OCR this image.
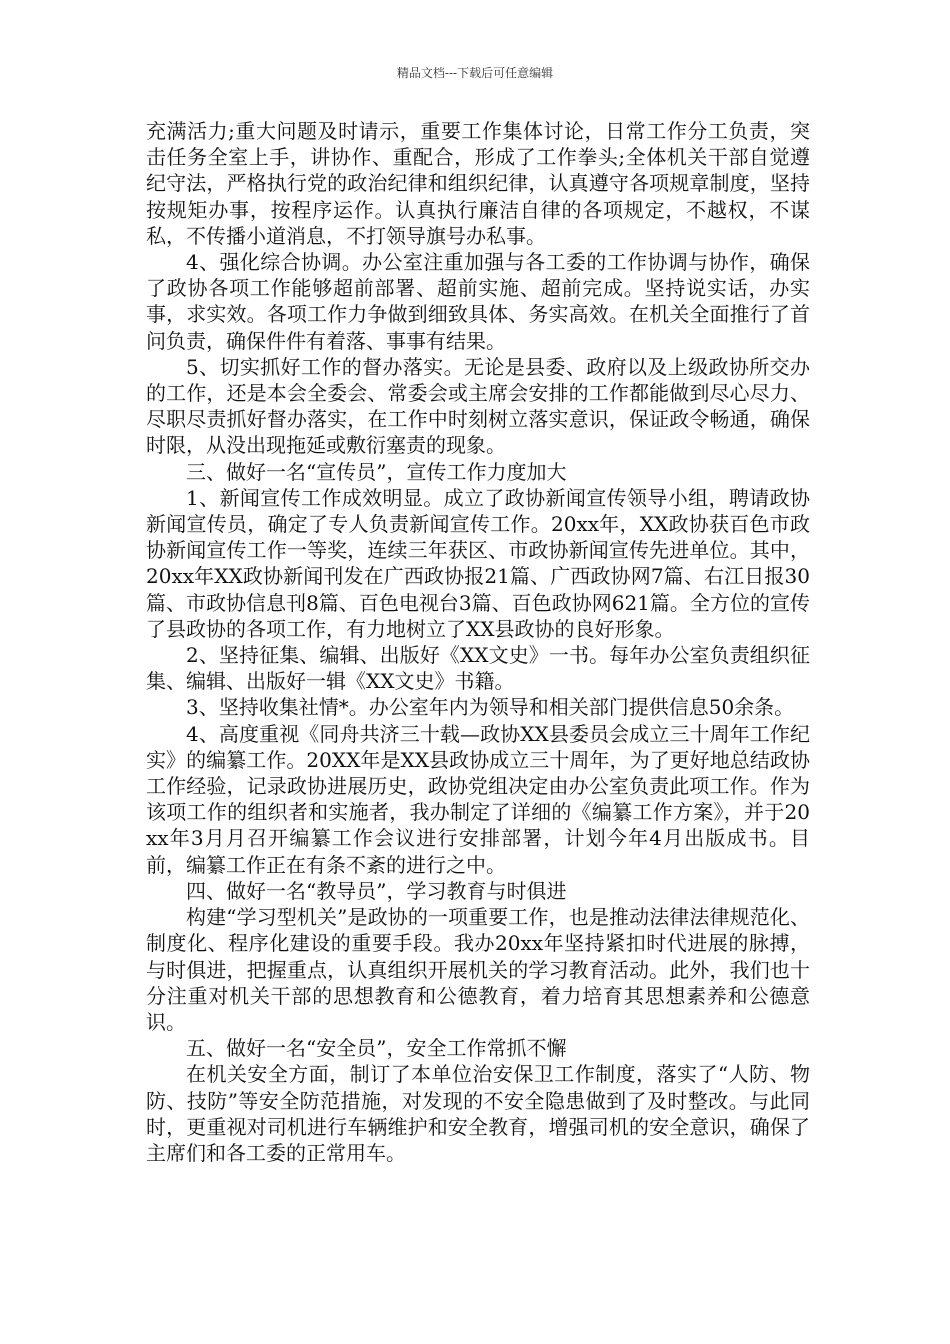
精品文档---下载后可任意编辑

充满活力;重大问题及时请示，重要工作集体讨论，日常工作分工负责，突击任务全室上手，讲协作、重配合，形成了工作拳头;全体机关干部自觉遵纪守法，严格执行党的政治纪律和组织纪律，认真遵守各项规章制度，坚持按规矩办事，按程序运作。认真执行廉洁自律的各项规定，不越权，不谋私，不传播小道消息，不打领导旗号办私事。

4、强化综合协调。办公室注重加强与各工委的工作协调与协作，确保了政协各项工作能够超前部署、超前实施、超前完成。坚持说实话，办实事，求实效。各项工作力争做到细致具体、务实高效。在机关全面推行了首问负责，确保件件有着落、事事有结果。

5、切实抓好工作的督办落实。无论是县委、政府以及上级政协所交办的工作，还是本会全委会、常委会或主席会安排的工作都能做到尽心尽力、尽职尽责抓好督办落实，在工作中时刻树立落实意识，保证政令畅通，确保时限，从没出现拖延或敷衍塞责的现象。

三、做好一名“宣传员”，宣传工作力度加大

1、新闻宣传工作成效明显。成立了政协新闻宣传领导小组，聘请政协新闻宣传员，确定了专人负责新闻宣传工作。20xx年，XX政协获百色市政协新闻宣传工作一等奖，连续三年获区、市政协新闻宣传先进单位。其中，20xx年XX政协新闻刊发在广西政协报21篇、广西政协网7篇、右江日报30篇、市政协信息刊8篇、百色电视台3篇、百色政协网621篇。全方位的宣传了县政协的各项工作，有力地树立了XX县政协的良好形象。

2、坚持征集、编辑、出版好《XX文史》一书。每年办公室负责组织征集、编辑、出版好一辑《XX文史》书籍。

3、坚持收集社情*。办公室年内为领导和相关部门提供信息50余条。

4、高度重视《同舟共济三十载—政协XX县委员会成立三十周年工作纪实》的编纂工作。20XX年是XX县政协成立三十周年，为了更好地总结政协工作经验，记录政协进展历史，政协党组决定由办公室负责此项工作。作为该项工作的组织者和实施者，我办制定了详细的《编纂工作方案》，并于20xx年3月月召开编纂工作会议进行安排部署，计划今年4月出版成书。目前，编纂工作正在有条不紊的进行之中。

四、做好一名“教导员”，学习教育与时俱进

构建“学习型机关”是政协的一项重要工作，也是推动法律法律规范化、制度化、程序化建设的重要手段。我办20xx年坚持紧扣时代进展的脉搏，与时俱进，把握重点，认真组织开展机关的学习教育活动。此外，我们也十分注重对机关干部的思想教育和公德教育，着力培育其思想素养和公德意识。

五、做好一名“安全员”，安全工作常抓不懈

在机关安全方面，制订了本单位治安保卫工作制度，落实了“人防、物防、技防”等安全防范措施，对发现的不安全隐患做到了及时整改。与此同时，更重视对司机进行车辆维护和安全教育，增强司机的安全意识，确保了主席们和各工委的正常用车。
